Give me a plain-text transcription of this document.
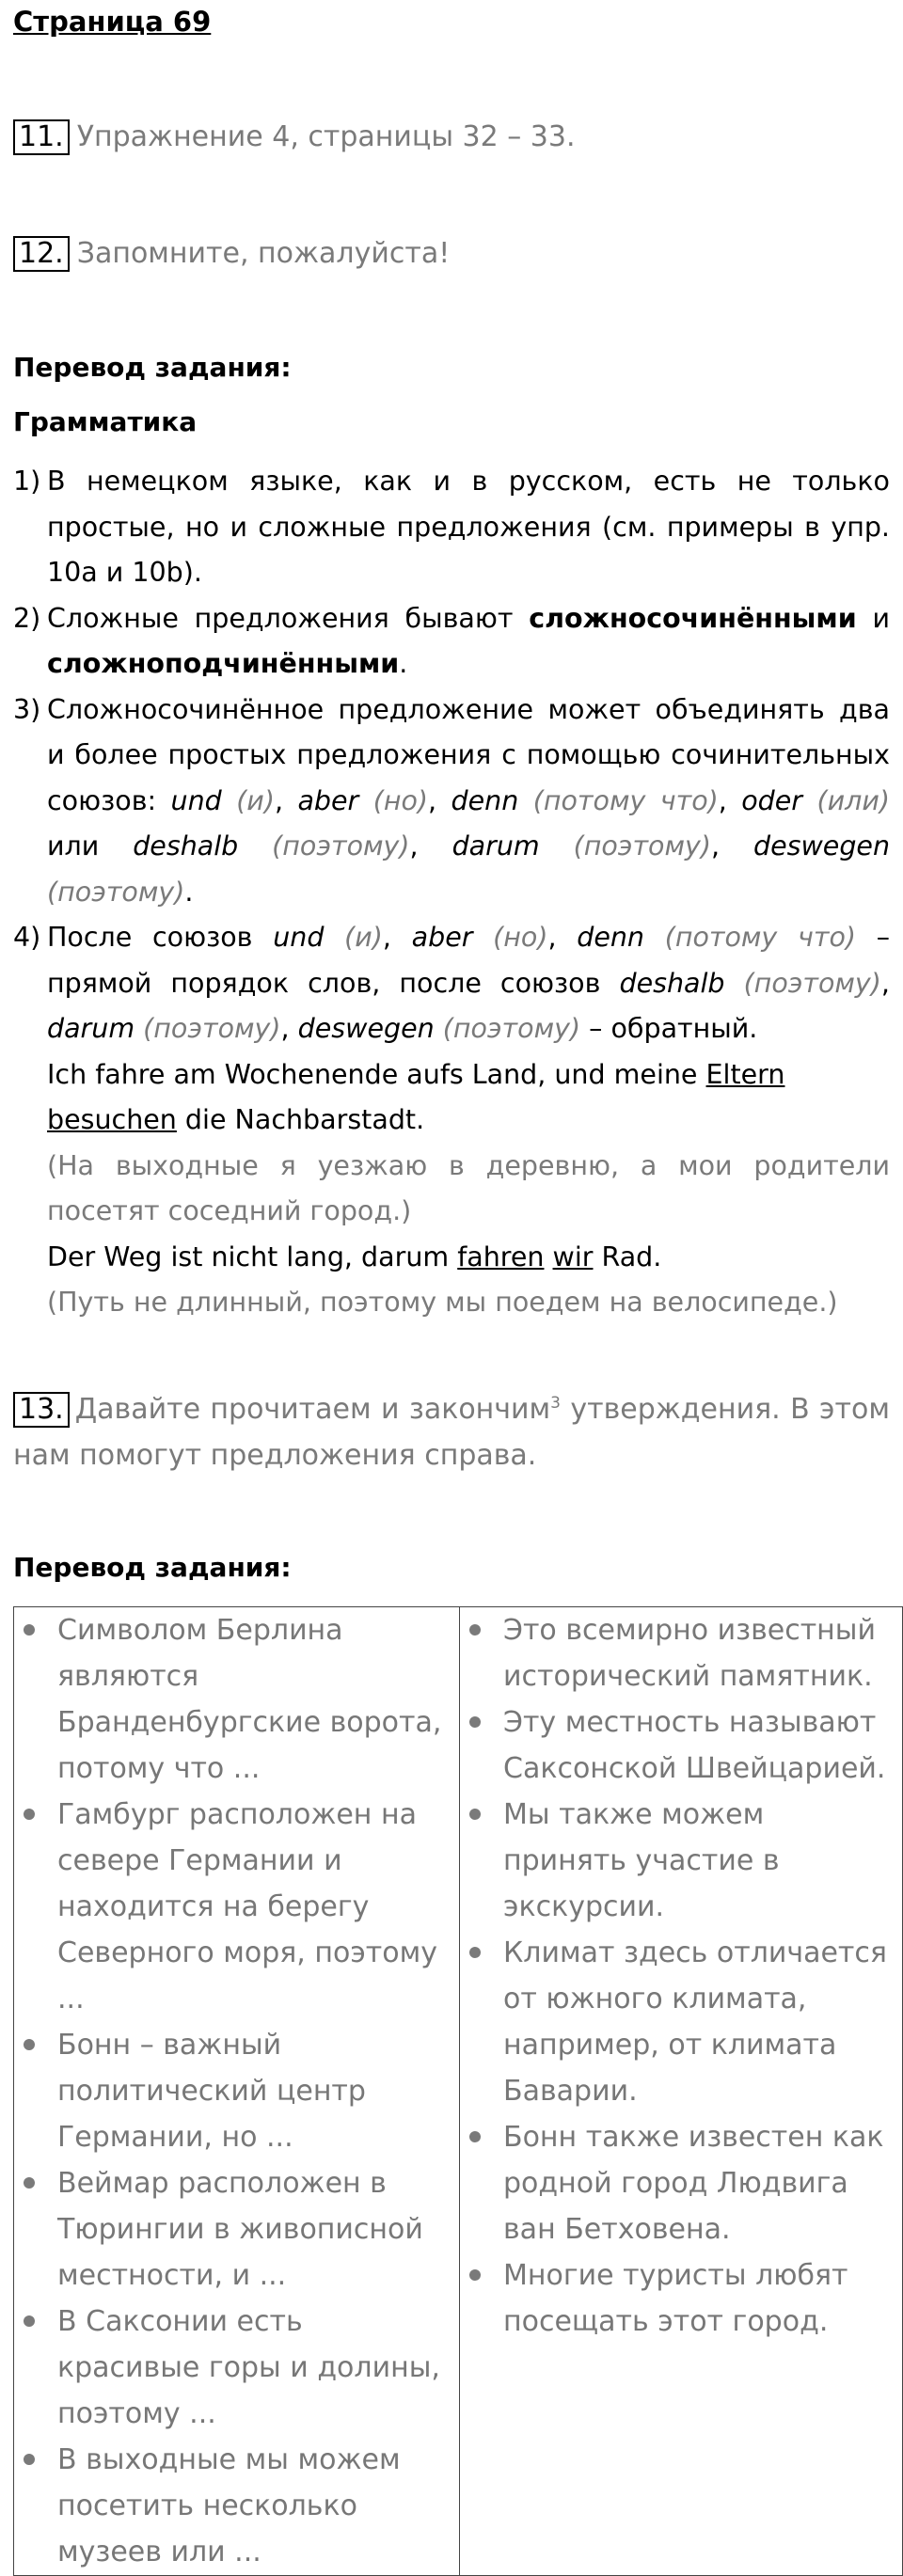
Страница 69
11. Упражнение 4, страницы 32 – 33.
12. Запомните, пожалуйста!
Перевод задания:
Грамматика
1) В немецком языке, как и в русском, есть не только простые, но и сложные предложения (см. примеры в упр. 10a и 10b).
2) Сложные предложения бывают сложносочинёнными и сложноподчинёнными.
3) Сложносочинённое предложение может объединять два и более простых предложения с помощью сочинительных союзов: und (и), aber (но), denn (потому что), oder (или) или deshalb (поэтому), darum (поэтому), deswegen (поэтому).
4) После союзов und (и), aber (но), denn (потому что) – прямой порядок слов, после союзов deshalb (поэтому), darum (поэтому), deswegen (поэтому) – обратный.
Ich fahre am Wochenende aufs Land, und meine Eltern
besuchen die Nachbarstadt.
(На выходные я уезжаю в деревню, а мои родители посетят соседний город.)
Der Weg ist nicht lang, darum fahren wir Rad.
(Путь не длинный, поэтому мы поедем на велосипеде.)
13. Давайте прочитаем и закончим$^3$ утверждения. В этом нам помогут предложения справа.
Перевод задания:
Символом Берлина являются Бранденбургские ворота, потому что ...
Гамбург расположен на севере Германии и находится на берегу Северного моря, поэтому ...
Бонн – важный политический центр Германии, но ...
Веймар расположен в Тюрингии в живописной местности, и ...
В Саксонии есть красивые горы и долины, поэтому ...
В выходные мы можем посетить несколько музеев или ...

Это всемирно известный исторический памятник.
Эту местность называют Саксонской Швейцарией.
Мы также можем принять участие в экскурсии.
Климат здесь отличается от южного климата, например, от климата Баварии.
Бонн также известен как родной город Людвига ван Бетховена.
Многие туристы любят посещать этот город.
